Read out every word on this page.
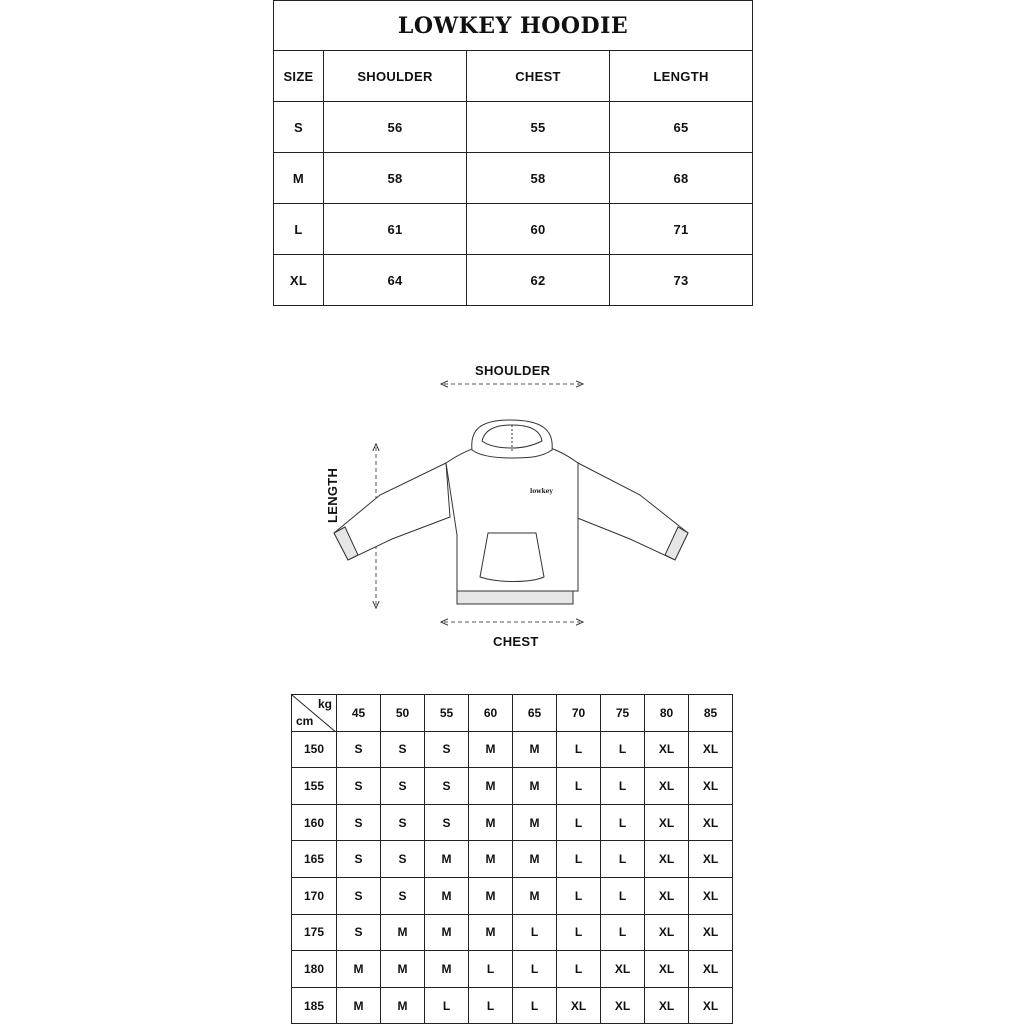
LOWKEY HOODIE			
SIZE	SHOULDER	CHEST	LENGTH
S	56	55	65
M	58	58	68
L	61	60	71
XL	64	62	73
SHOULDER
CHEST
LENGTH	lowkey
kg
cm	45	50	55	60	65	70	75	80	85
150	S	S	S	M	M	L	L	XL	XL
155	S	S	S	M	M	L	L	XL	XL
160	S	S	S	M	M	L	L	XL	XL
165	S	S	M	M	M	L	L	XL	XL
170	S	S	M	M	M	L	L	XL	XL
175	S	M	M	M	L	L	L	XL	XL
180	M	M	M	L	L	L	XL	XL	XL
185	M	M	L	L	L	XL	XL	XL	XL
